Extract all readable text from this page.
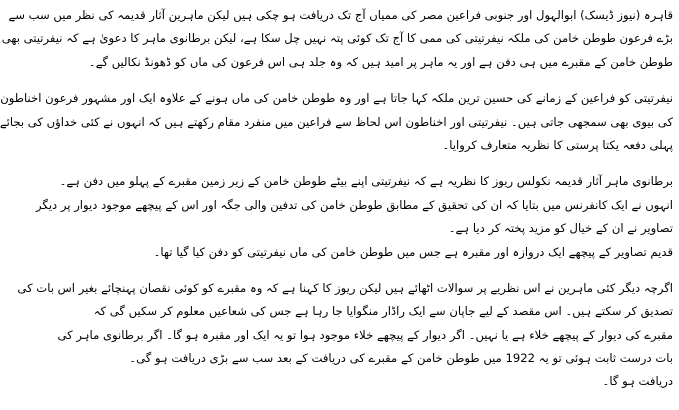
قاہرہ (نیوز ڈیسک) ابوالہول اور جنوبی فراعین مصر کی ممیاں آج تک دریافت ہو چکی ہیں لیکن ماہرین آثار قدیمہ کی نظر میں سب سے
بڑے فرعون طوطن خامن کی ملکہ نیفرتیتی کی ممی کا آج تک کوئی پتہ نہیں چل سکا ہے، لیکن برطانوی ماہر کا دعویٰ ہے کہ نیفرتیتی بھی
طوطن خامن کے مقبرے میں ہی دفن ہے اور یہ ماہر پر امید ہیں کہ وہ جلد ہی اس فرعون کی ماں کو ڈھونڈ نکالیں گے۔

نیفرتیتی کو فراعین کے زمانے کی حسین ترین ملکہ کہا جاتا ہے اور وہ طوطن خامن کی ماں ہونے کے علاوہ ایک اور مشہور فرعون اخناطون
کی بیوی بھی سمجھی جاتی ہیں۔ نیفرتیتی اور اخناطون اس لحاظ سے فراعین میں منفرد مقام رکھتے ہیں کہ انہوں نے کئی خداؤں کی بجائے
پہلی دفعہ یکتا پرستی کا نظریہ متعارف کروایا۔

برطانوی ماہر آثار قدیمہ نکولس ریوز کا نظریہ ہے کہ نیفرتیتی اپنے بیٹے طوطن خامن کے زیر زمین مقبرے کے پہلو میں دفن ہے۔
انہوں نے ایک کانفرنس میں بتایا کہ ان کی تحقیق کے مطابق طوطن خامن کی تدفین والی جگہ اور اس کے پیچھے موجود دیوار پر دیگر
تصاویر نے ان کے خیال کو مزید پختہ کر دیا ہے۔
قدیم تصاویر کے پیچھے ایک دروازہ اور مقبرہ ہے جس میں طوطن خامن کی ماں نیفرتیتی کو دفن کیا گیا تھا۔

اگرچہ دیگر کئی ماہرین نے اس نظریے پر سوالات اٹھائے ہیں لیکن ریوز کا کہنا ہے کہ وہ مقبرے کو کوئی نقصان پہنچائے بغیر اس بات کی
تصدیق کر سکتے ہیں۔ اس مقصد کے لیے جاپان سے ایک راڈار منگوایا جا رہا ہے جس کی شعاعیں معلوم کر سکیں گی کہ
مقبرے کی دیوار کے پیچھے خلاء ہے یا نہیں۔ اگر دیوار کے پیچھے خلاء موجود ہوا تو یہ ایک اور مقبرہ ہو گا۔ اگر برطانوی ماہر کی
بات درست ثابت ہوئی تو یہ 1922 میں طوطن خامن کے مقبرے کی دریافت کے بعد سب سے بڑی دریافت ہو گی۔
دریافت ہو گا۔
